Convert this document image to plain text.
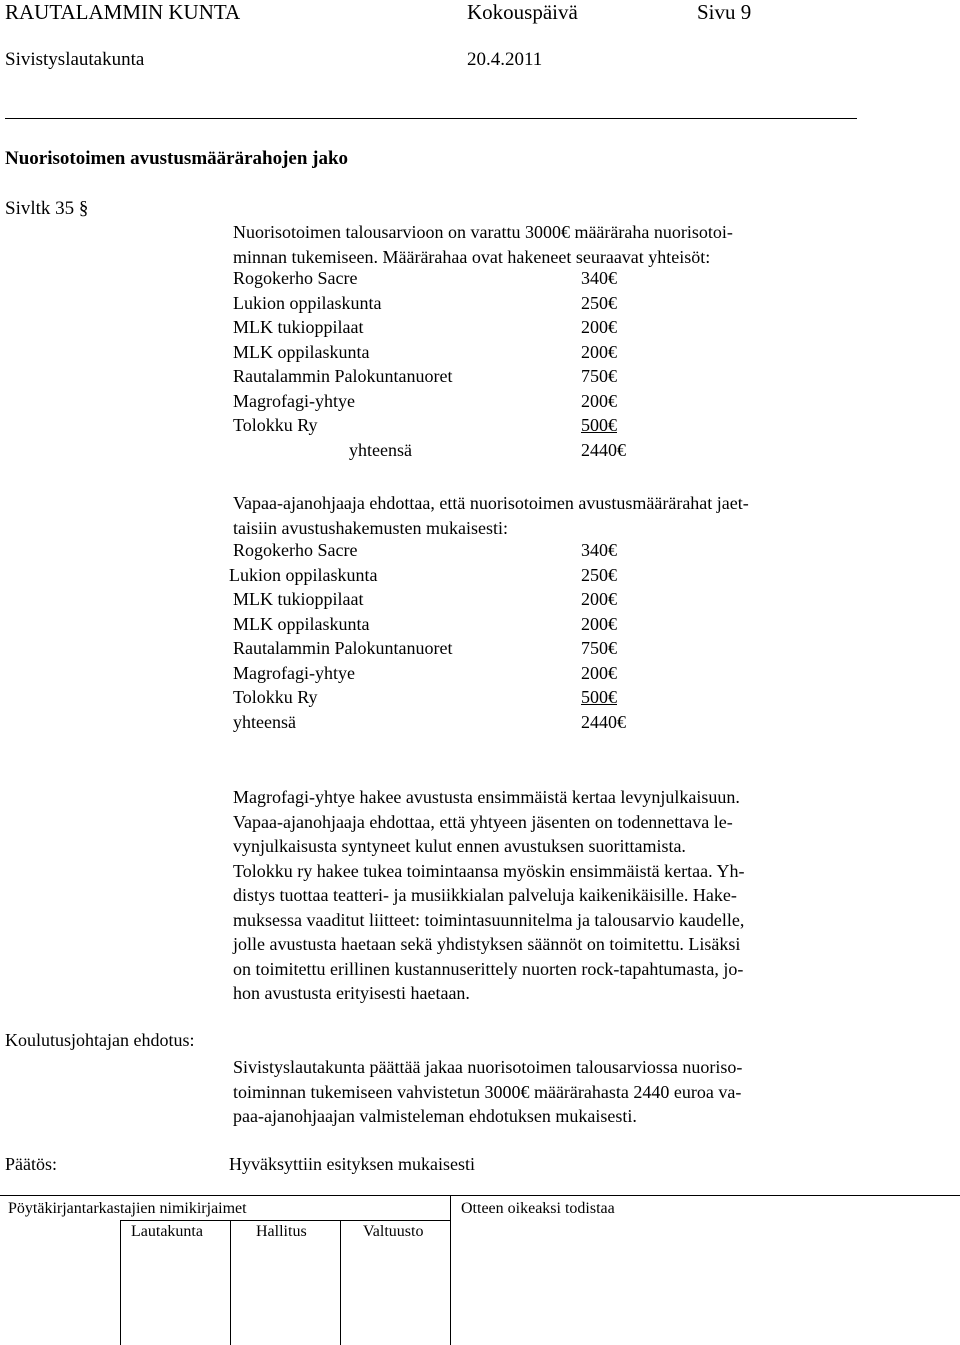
RAUTALAMMIN KUNTA	Kokouspäivä	Sivu 9
Sivistyslautakunta	20.4.2011
Nuorisotoimen avustusmäärärahojen jako
Sivltk 35 §
Nuorisotoimen talousarvioon on varattu 3000€ määräraha nuorisotoi-
minnan tukemiseen. Määrärahaa ovat hakeneet seuraavat yhteisöt:
Rogokerho Sacre	340€
Lukion oppilaskunta	250€
MLK tukioppilaat	200€
MLK oppilaskunta	200€
Rautalammin Palokuntanuoret	750€
Magrofagi-yhtye	200€
Tolokku Ry	500€
yhteensä	2440€
Vapaa-ajanohjaaja ehdottaa, että nuorisotoimen avustusmäärärahat jaet-
taisiin avustushakemusten mukaisesti:
Rogokerho Sacre	340€
Lukion oppilaskunta	250€
MLK tukioppilaat	200€
MLK oppilaskunta	200€
Rautalammin Palokuntanuoret	750€
Magrofagi-yhtye	200€
Tolokku Ry	500€
yhteensä	2440€
Magrofagi-yhtye hakee avustusta ensimmäistä kertaa levynjulkaisuun.
Vapaa-ajanohjaaja ehdottaa, että yhtyeen jäsenten on todennettava le-
vynjulkaisusta syntyneet kulut ennen avustuksen suorittamista.
Tolokku ry hakee tukea toimintaansa myöskin ensimmäistä kertaa. Yh-
distys tuottaa teatteri- ja musiikkialan palveluja kaikenikäisille. Hake-
muksessa vaaditut liitteet: toimintasuunnitelma ja talousarvio kaudelle,
jolle avustusta haetaan sekä yhdistyksen säännöt on toimitettu. Lisäksi
on toimitettu erillinen kustannuserittely nuorten rock-tapahtumasta, jo-
hon avustusta erityisesti haetaan.
Koulutusjohtajan ehdotus:
Sivistyslautakunta päättää jakaa nuorisotoimen talousarviossa nuoriso-
toiminnan tukemiseen vahvistetun 3000€ määrärahasta 2440 euroa va-
paa-ajanohjaajan valmisteleman ehdotuksen mukaisesti.
Päätös:	Hyväksyttiin esityksen mukaisesti
Pöytäkirjantarkastajien nimikirjaimet	Otteen oikeaksi todistaa
Lautakunta	Hallitus	Valtuusto
